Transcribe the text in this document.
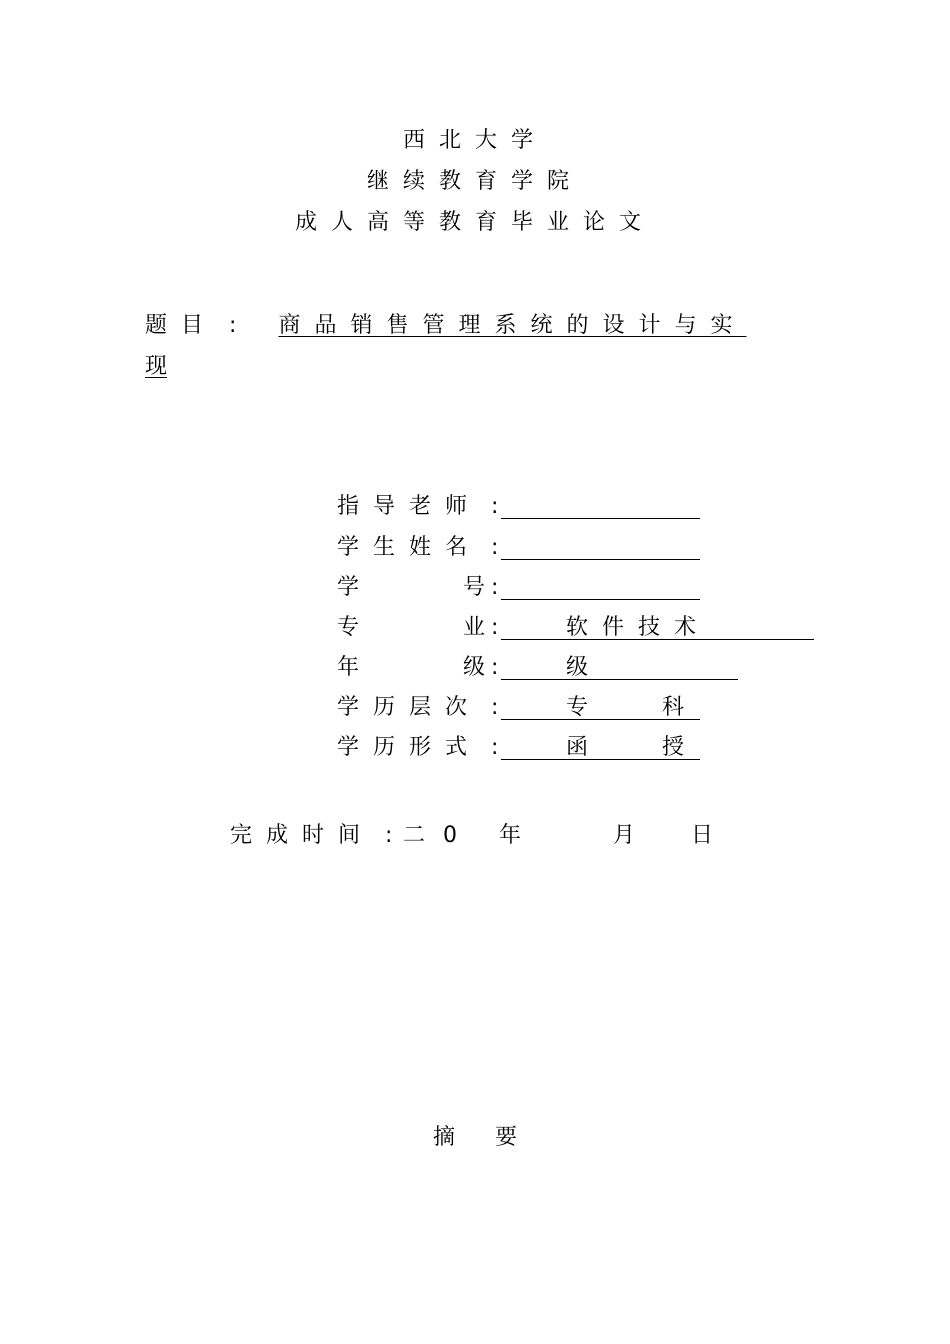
西北大学
继续教育学院
成人高等教育毕业论文
题目 : 商品销售管理系统的设计与实
现
指导老师 :
学生姓名 :
学	号 :
专	业 :	软件技术
年	级 :	级
学历层次 :	专	科
学历形式 :	函	授
完成时间 : 二0 年	月	日
摘要
